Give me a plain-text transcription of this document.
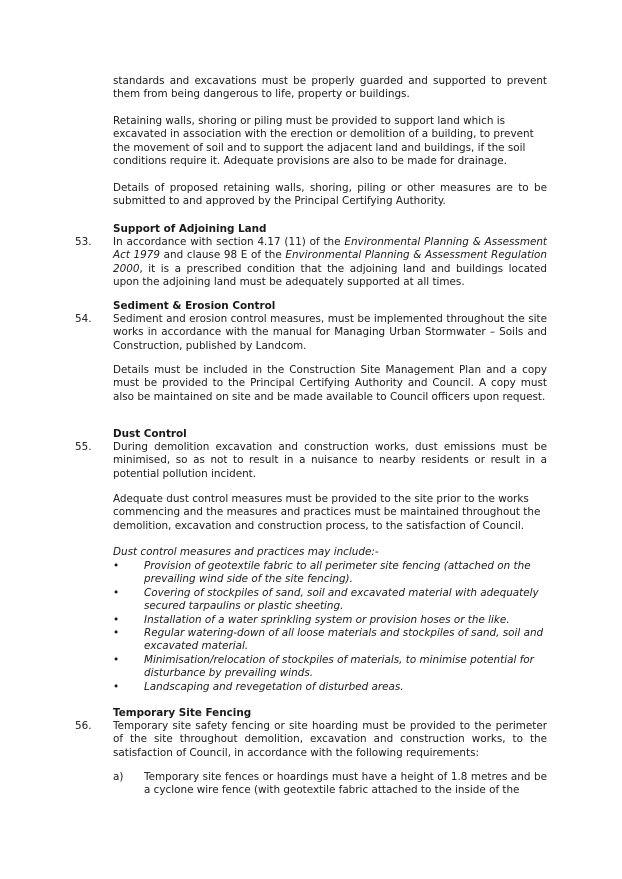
standards and excavations must be properly guarded and supported to prevent them from being dangerous to life, property or buildings.

Retaining walls, shoring or piling must be provided to support land which is excavated in association with the erection or demolition of a building, to prevent the movement of soil and to support the adjacent land and buildings, if the soil conditions require it. Adequate provisions are also to be made for drainage.

Details of proposed retaining walls, shoring, piling or other measures are to be submitted to and approved by the Principal Certifying Authority.

Support of Adjoining Land
53. In accordance with section 4.17 (11) of the Environmental Planning & Assessment Act 1979 and clause 98 E of the Environmental Planning & Assessment Regulation 2000, it is a prescribed condition that the adjoining land and buildings located upon the adjoining land must be adequately supported at all times.

Sediment & Erosion Control
54. Sediment and erosion control measures, must be implemented throughout the site works in accordance with the manual for Managing Urban Stormwater – Soils and Construction, published by Landcom.

Details must be included in the Construction Site Management Plan and a copy must be provided to the Principal Certifying Authority and Council. A copy must also be maintained on site and be made available to Council officers upon request.

Dust Control
55. During demolition excavation and construction works, dust emissions must be minimised, so as not to result in a nuisance to nearby residents or result in a potential pollution incident.

Adequate dust control measures must be provided to the site prior to the works commencing and the measures and practices must be maintained throughout the demolition, excavation and construction process, to the satisfaction of Council.

Dust control measures and practices may include:-

• Provision of geotextile fabric to all perimeter site fencing (attached on the prevailing wind side of the site fencing).
• Covering of stockpiles of sand, soil and excavated material with adequately secured tarpaulins or plastic sheeting.
• Installation of a water sprinkling system or provision hoses or the like.
• Regular watering-down of all loose materials and stockpiles of sand, soil and excavated material.
• Minimisation/relocation of stockpiles of materials, to minimise potential for disturbance by prevailing winds.
• Landscaping and revegetation of disturbed areas.
Temporary Site Fencing
56. Temporary site safety fencing or site hoarding must be provided to the perimeter of the site throughout demolition, excavation and construction works, to the satisfaction of Council, in accordance with the following requirements:

a) Temporary site fences or hoardings must have a height of 1.8 metres and be a cyclone wire fence (with geotextile fabric attached to the inside of the
